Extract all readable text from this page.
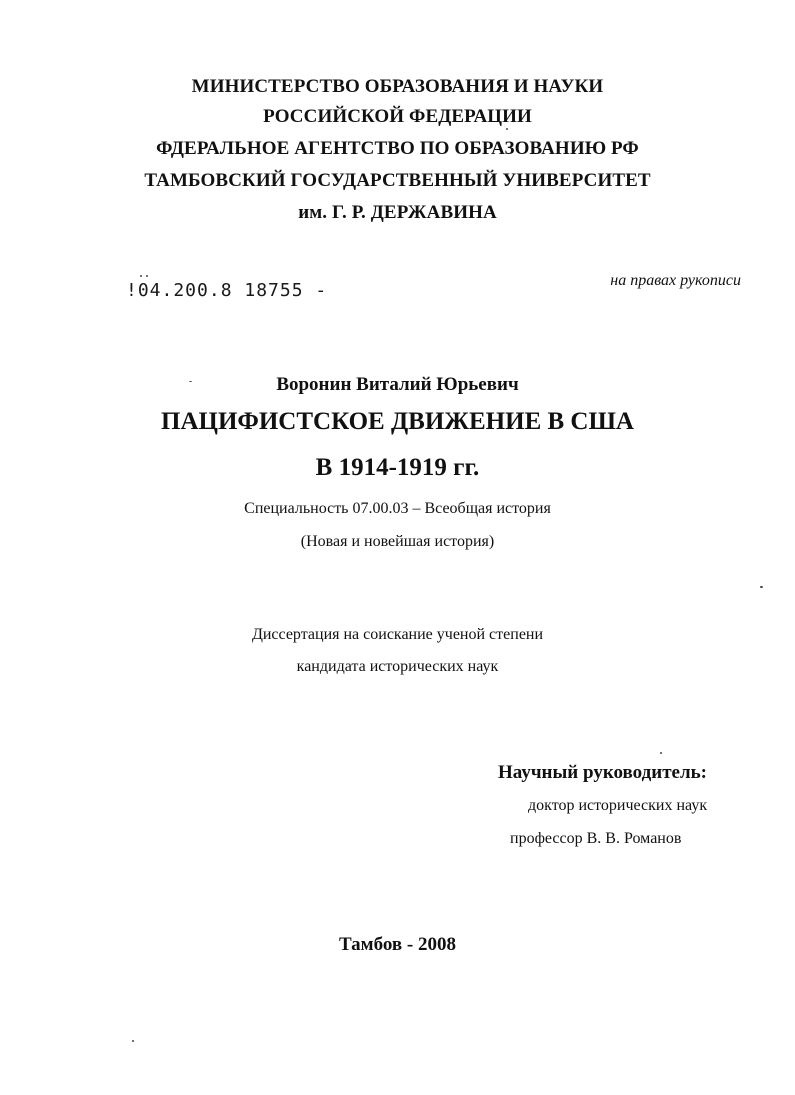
МИНИСТЕРСТВО ОБРАЗОВАНИЯ И НАУКИ
РОССИЙСКОЙ ФЕДЕРАЦИИ
ФДЕРАЛЬНОЕ АГЕНТСТВО ПО ОБРАЗОВАНИЮ РФ
ТАМБОВСКИЙ ГОСУДАРСТВЕННЫЙ УНИВЕРСИТЕТ
им. Г. Р. ДЕРЖАВИНА
!04.200.8 18755 -	на правах рукописи
Воронин Виталий Юрьевич
ПАЦИФИСТСКОЕ ДВИЖЕНИЕ В США
В 1914-1919 гг.
Специальность 07.00.03 – Всеобщая история
(Новая и новейшая история)
Диссертация на соискание ученой степени
кандидата исторических наук
Научный руководитель:
доктор исторических наук
профессор В. В. Романов
Тамбов - 2008
